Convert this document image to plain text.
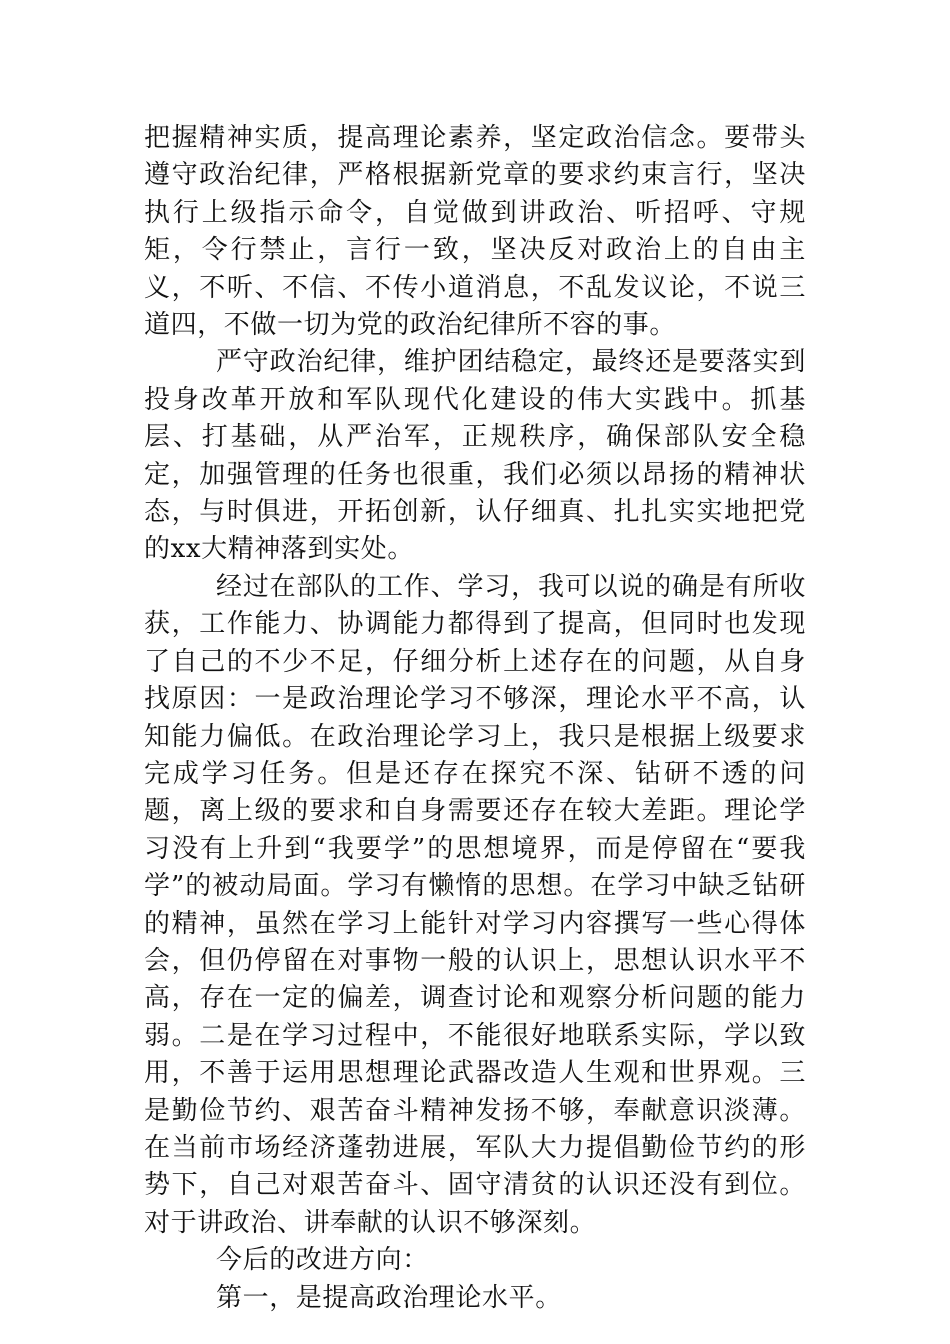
把握精神实质，提高理论素养，坚定政治信念。要带头遵守政治纪律，严格根据新党章的要求约束言行，坚决执行上级指示命令，自觉做到讲政治、听招呼、守规矩，令行禁止，言行一致，坚决反对政治上的自由主义，不听、不信、不传小道消息，不乱发议论，不说三道四，不做一切为党的政治纪律所不容的事。

严守政治纪律，维护团结稳定，最终还是要落实到投身改革开放和军队现代化建设的伟大实践中。抓基层、打基础，从严治军，正规秩序，确保部队安全稳定，加强管理的任务也很重，我们必须以昂扬的精神状态，与时俱进，开拓创新，认仔细真、扎扎实实地把党的xx大精神落到实处。

经过在部队的工作、学习，我可以说的确是有所收获，工作能力、协调能力都得到了提高，但同时也发现了自己的不少不足，仔细分析上述存在的问题，从自身找原因：一是政治理论学习不够深，理论水平不高，认知能力偏低。在政治理论学习上，我只是根据上级要求完成学习任务。但是还存在探究不深、钻研不透的问题，离上级的要求和自身需要还存在较大差距。理论学习没有上升到“我要学”的思想境界，而是停留在“要我学”的被动局面。学习有懒惰的思想。在学习中缺乏钻研的精神，虽然在学习上能针对学习内容撰写一些心得体会，但仍停留在对事物一般的认识上，思想认识水平不高，存在一定的偏差，调查讨论和观察分析问题的能力弱。二是在学习过程中，不能很好地联系实际，学以致用，不善于运用思想理论武器改造人生观和世界观。三是勤俭节约、艰苦奋斗精神发扬不够，奉献意识淡薄。在当前市场经济蓬勃进展，军队大力提倡勤俭节约的形势下，自己对艰苦奋斗、固守清贫的认识还没有到位。对于讲政治、讲奉献的认识不够深刻。

今后的改进方向：

第一，是提高政治理论水平。
